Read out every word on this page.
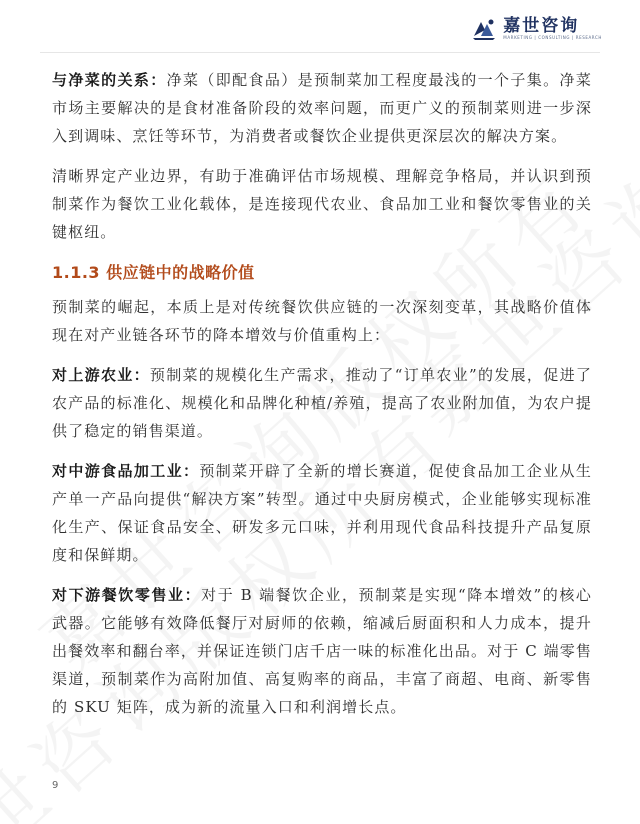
嘉世咨询
MARKETING | CONSULTING | RESEARCH

与净菜的关系：净菜（即配食品）是预制菜加工程度最浅的一个子集。净菜市场主要解决的是食材准备阶段的效率问题，而更广义的预制菜则进一步深入到调味、烹饪等环节，为消费者或餐饮企业提供更深层次的解决方案。

清晰界定产业边界，有助于准确评估市场规模、理解竞争格局，并认识到预制菜作为餐饮工业化载体，是连接现代农业、食品加工业和餐饮零售业的关键枢纽。

1.1.3 供应链中的战略价值

预制菜的崛起，本质上是对传统餐饮供应链的一次深刻变革，其战略价值体现在对产业链各环节的降本增效与价值重构上：

对上游农业：预制菜的规模化生产需求，推动了“订单农业”的发展，促进了农产品的标准化、规模化和品牌化种植/养殖，提高了农业附加值，为农户提供了稳定的销售渠道。

对中游食品加工业：预制菜开辟了全新的增长赛道，促使食品加工企业从生产单一产品向提供“解决方案”转型。通过中央厨房模式，企业能够实现标准化生产、保证食品安全、研发多元口味，并利用现代食品科技提升产品复原度和保鲜期。

对下游餐饮零售业：对于 B 端餐饮企业，预制菜是实现“降本增效”的核心武器。它能够有效降低餐厅对厨师的依赖，缩减后厨面积和人力成本，提升出餐效率和翻台率，并保证连锁门店千店一味的标准化出品。对于 C 端零售渠道，预制菜作为高附加值、高复购率的商品，丰富了商超、电商、新零售的 SKU 矩阵，成为新的流量入口和利润增长点。

9
